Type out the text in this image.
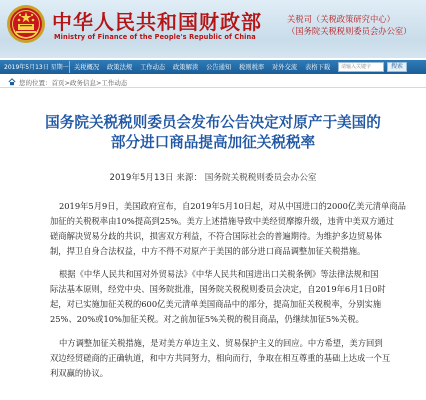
中华人民共和国财政部
Ministry of Finance of the People's Republic of China
关税司（关税政策研究中心）
（国务院关税税则委员会办公室）
2019年5月13日 星期一 关税概况 政策法规 工作动态 政策解读 公告通知 税则税率 对外交流 表格下载	请输入关键字	搜索
您的位置：首页>政务信息>工作动态
国务院关税税则委员会发布公告决定对原产于美国的
部分进口商品提高加征关税税率
2019年5月13日 来源： 国务院关税税则委员会办公室
2019年5月9日，美国政府宣布，自2019年5月10日起，对从中国进口的2000亿美元清单商品
加征的关税税率由10%提高到25%。美方上述措施导致中美经贸摩擦升级，违背中美双方通过
磋商解决贸易分歧的共识，损害双方利益，不符合国际社会的普遍期待。为维护多边贸易体
制，捍卫自身合法权益，中方不得不对原产于美国的部分进口商品调整加征关税措施。
根据《中华人民共和国对外贸易法》《中华人民共和国进出口关税条例》等法律法规和国
际法基本原则，经党中央、国务院批准，国务院关税税则委员会决定，自2019年6月1日0时
起，对已实施加征关税的600亿美元清单美国商品中的部分，提高加征关税税率，分别实施
25%、20%或10%加征关税。对之前加征5%关税的税目商品，仍继续加征5%关税。
中方调整加征关税措施，是对美方单边主义、贸易保护主义的回应。中方希望，美方回到
双边经贸磋商的正确轨道，和中方共同努力，相向而行，争取在相互尊重的基础上达成一个互
利双赢的协议。
